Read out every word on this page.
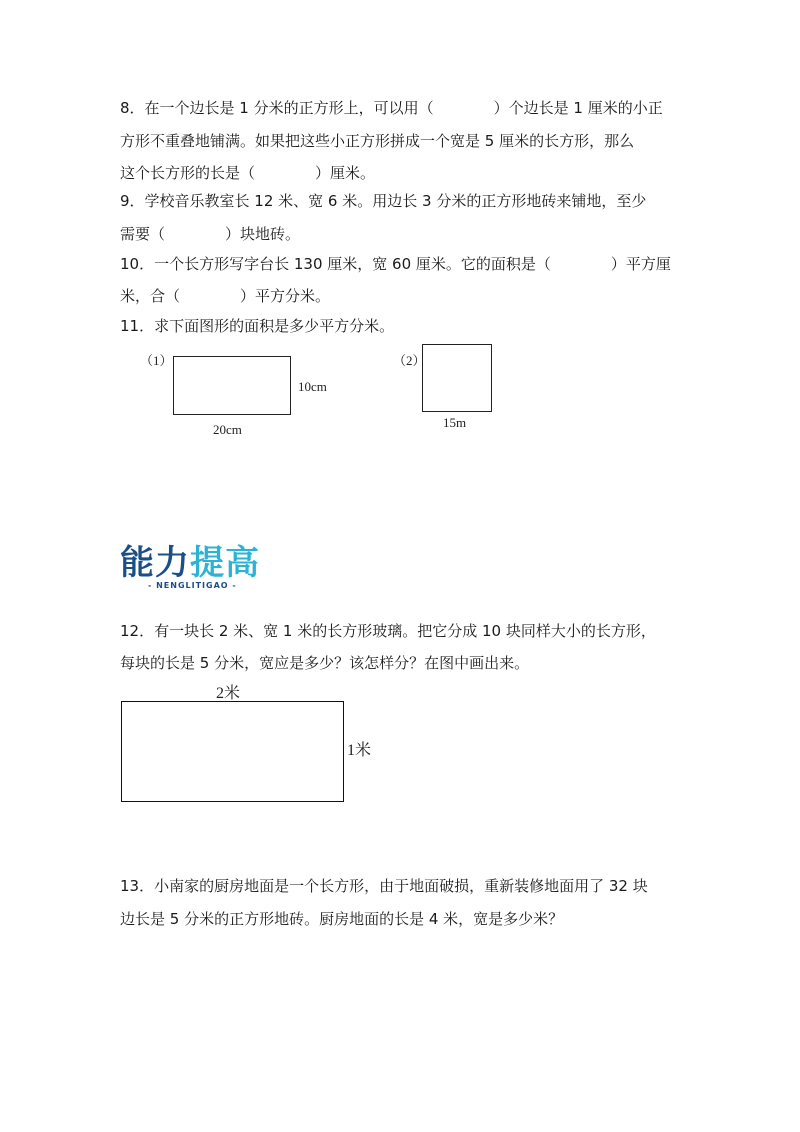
8．在一个边长是 1 分米的正方形上，可以用（　　　　）个边长是 1 厘米的小正
方形不重叠地铺满。如果把这些小正方形拼成一个宽是 5 厘米的长方形，那么
这个长方形的长是（　　　　）厘米。
9．学校音乐教室长 12 米、宽 6 米。用边长 3 分米的正方形地砖来铺地，至少
需要（　　　　）块地砖。
10．一个长方形写字台长 130 厘米，宽 60 厘米。它的面积是（　　　　）平方厘
米，合（　　　　）平方分米。
11．求下面图形的面积是多少平方分米。
（1）
10cm
20cm
（2）
15m
能力提高
- NENGLITIGAO -
12．有一块长 2 米、宽 1 米的长方形玻璃。把它分成 10 块同样大小的长方形，
每块的长是 5 分米，宽应是多少？该怎样分？在图中画出来。
2米
1米
13．小南家的厨房地面是一个长方形，由于地面破损，重新装修地面用了 32 块
边长是 5 分米的正方形地砖。厨房地面的长是 4 米，宽是多少米？
